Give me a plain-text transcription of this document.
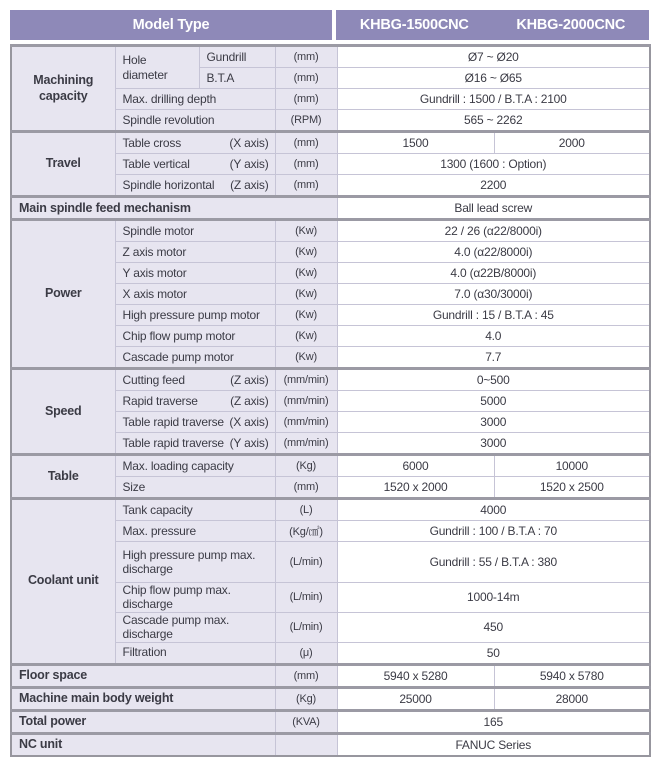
Model Type	KHBG-1500CNC	KHBG-2000CNC
Machining capacity	Hole diameter	Gundrill	(mm)	Ø7 ~ Ø20	
		B.T.A	(mm)	Ø16 ~ Ø65	
	Max. drilling depth		(mm)	Gundrill : 1500 / B.T.A : 2100	
	Spindle revolution		(RPM)	565 ~ 2262	
Travel	Table cross (X axis)		(mm)	1500	2000

	Table vertical (Y axis)		(mm)	1300 (1600 : Option)	

	Spindle horizontal (Z axis)		(mm)	2200	
Main spindle feed mechanism				Ball lead screw	
Power	Spindle motor		(Kw)	22 / 26 (α22/8000i)	
	Z axis motor		(Kw)	4.0 (α22/8000i)	
	Y axis motor		(Kw)	4.0 (α22B/8000i)	
	X axis motor		(Kw)	7.0 (α30/3000i)	
	High pressure pump motor		(Kw)	Gundrill : 15 / B.T.A : 45	
	Chip flow pump motor		(Kw)	4.0	
	Cascade pump motor		(Kw)	7.7	
Speed	Cutting feed (Z axis)		(mm/min)	0~500	

	Rapid traverse (Z axis)		(mm/min)	5000	

	Table rapid traverse (X axis)		(mm/min)	3000	

	Table rapid traverse (Y axis)		(mm/min)	3000	
Table	Max. loading capacity		(Kg)	6000	10000
	Size		(mm)	1520 x 2000	1520 x 2500
Coolant unit	Tank capacity		(L)	4000	
	Max. pressure		(Kg/㎠)	Gundrill : 100 / B.T.A : 70	
	High pressure pump max. discharge		(L/min)	Gundrill : 55 / B.T.A : 380	
	Chip flow pump max. discharge		(L/min)	1000-14m	
	Cascade pump max. discharge		(L/min)	450	
	Filtration		(μ)	50	
Floor space			(mm)	5940 x 5280	5940 x 5780
Machine main body weight			(Kg)	25000	28000
Total power			(KVA)	165	
NC unit				FANUC Series	
